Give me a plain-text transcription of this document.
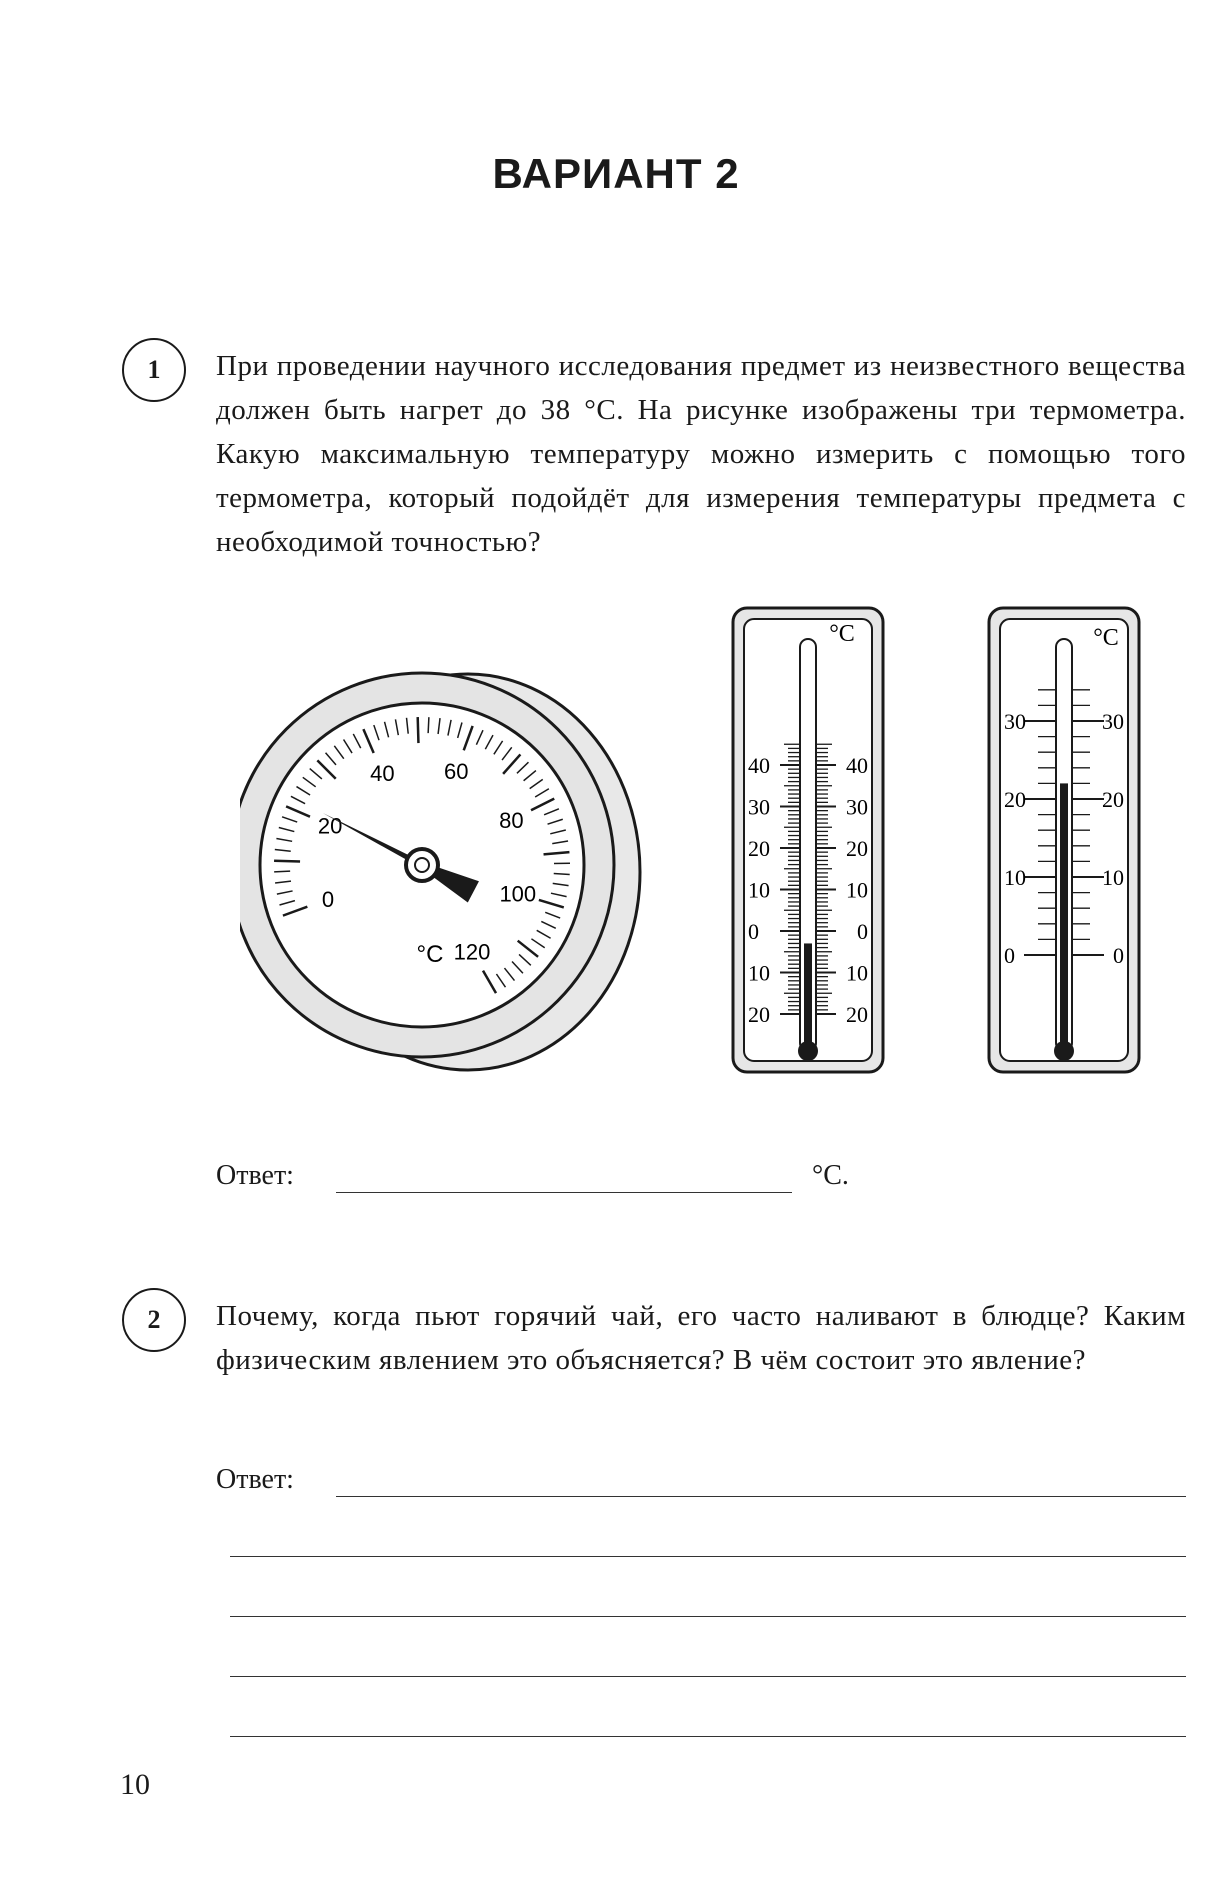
ВАРИАНТ 2
1	При проведении научного исследования предмет из неизвестного вещества должен быть нагрет до 38 °С. На рисунке изображены три термометра. Какую максимальную температуру можно измерить с помощью того термометра, который подойдёт для измерения температуры предмета с необходимой точностью?
0
20
40 60
80
100
120
°С
°С
40	40
30	30
20	20
10	10
0	0
10	10
20	20
°С
30	30
20	20
10	10
0	0
Ответ:	°С.
2	Почему, когда пьют горячий чай, его часто наливают в блюдце? Каким физическим явлением это объясняется? В чём состоит это явление?
Ответ:
10
